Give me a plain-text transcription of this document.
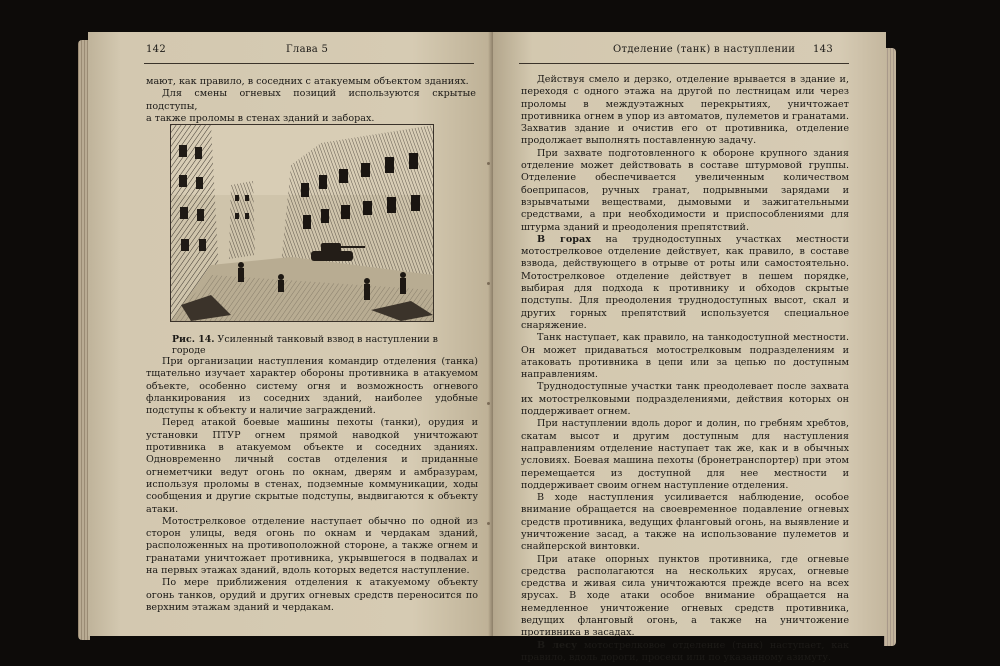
142	Глава 5

мают, как правило, в соседних с атакуемым объектом зданиях.

Для смены огневых позиций используются скрытые подступы,

а также проломы в стенах зданий и заборах.

Рис. 14. Усиленный танковый взвод в наступлении в городе

При организации наступления командир отделения (танка) тщательно изучает характер обороны противника в атакуемом объекте, особенно систему огня и возможность огневого фланкирования из соседних зданий, наиболее удобные подступы к объекту и наличие заграждений.

Перед атакой боевые машины пехоты (танки), орудия и установки ПТУР огнем прямой наводкой уничтожают противника в атакуемом объекте и соседних зданиях. Одновременно личный состав отделения и приданные огнеметчики ведут огонь по окнам, дверям и амбразурам, используя проломы в стенах, подземные коммуникации, ходы сообщения и другие скрытые подступы, выдвигаются к объекту атаки.

Мотострелковое отделение наступает обычно по одной из сторон улицы, ведя огонь по окнам и чердакам зданий, расположенных на противоположной стороне, а также огнем и гранатами уничтожает противника, укрывшегося в подвалах и на первых этажах зданий, вдоль которых ведется наступление.

По мере приближения отделения к атакуемому объекту огонь танков, орудий и других огневых средств переносится по верхним этажам зданий и чердакам.

Отделение (танк) в наступлении 143

Действуя смело и дерзко, отделение врывается в здание и, переходя с одного этажа на другой по лестницам или через проломы в междуэтажных перекрытиях, уничтожает противника огнем в упор из автоматов, пулеметов и гранатами. Захватив здание и очистив его от противника, отделение продолжает выполнять поставленную задачу.

При захвате подготовленного к обороне крупного здания отделение может действовать в составе штурмовой группы. Отделение обеспечивается увеличенным количеством боеприпасов, ручных гранат, подрывными зарядами и взрывчатыми веществами, дымовыми и зажигательными средствами, а при необходимости и приспособлениями для штурма зданий и преодоления препятствий.

В горах на труднодоступных участках местности мотострелковое отделение действует, как правило, в составе взвода, действующего в отрыве от роты или самостоятельно. Мотострелковое отделение действует в пешем порядке, выбирая для подхода к противнику и обходов скрытые подступы. Для преодоления труднодоступных высот, скал и других горных препятствий используется специальное снаряжение.

Танк наступает, как правило, на танкодоступной местности. Он может придаваться мотострелковым подразделениям и атаковать противника в цепи или за цепью по доступным направлениям.

Труднодоступные участки танк преодолевает после захвата их мотострелковыми подразделениями, действия которых он поддерживает огнем.

При наступлении вдоль дорог и долин, по гребням хребтов, скатам высот и другим доступным для наступления направлениям отделение наступает так же, как и в обычных условиях. Боевая машина пехоты (бронетранспортер) при этом перемещается из доступной для нее местности и поддерживает своим огнем наступление отделения.

В ходе наступления усиливается наблюдение, особое внимание обращается на своевременное подавление огневых средств противника, ведущих фланговый огонь, на выявление и уничтожение засад, а также на использование пулеметов и снайперской винтовки.

При атаке опорных пунктов противника, где огневые средства располагаются на нескольких ярусах, огневые средства и живая сила уничтожаются прежде всего на всех ярусах. В ходе атаки особое внимание обращается на немедленное уничтожение огневых средств противника, ведущих фланговый огонь, а также на уничтожение противника в засадах.

В лесу мотострелковое отделение (танк) наступает, как правило, вдоль дороги, просеки или по указанному азимуту.
